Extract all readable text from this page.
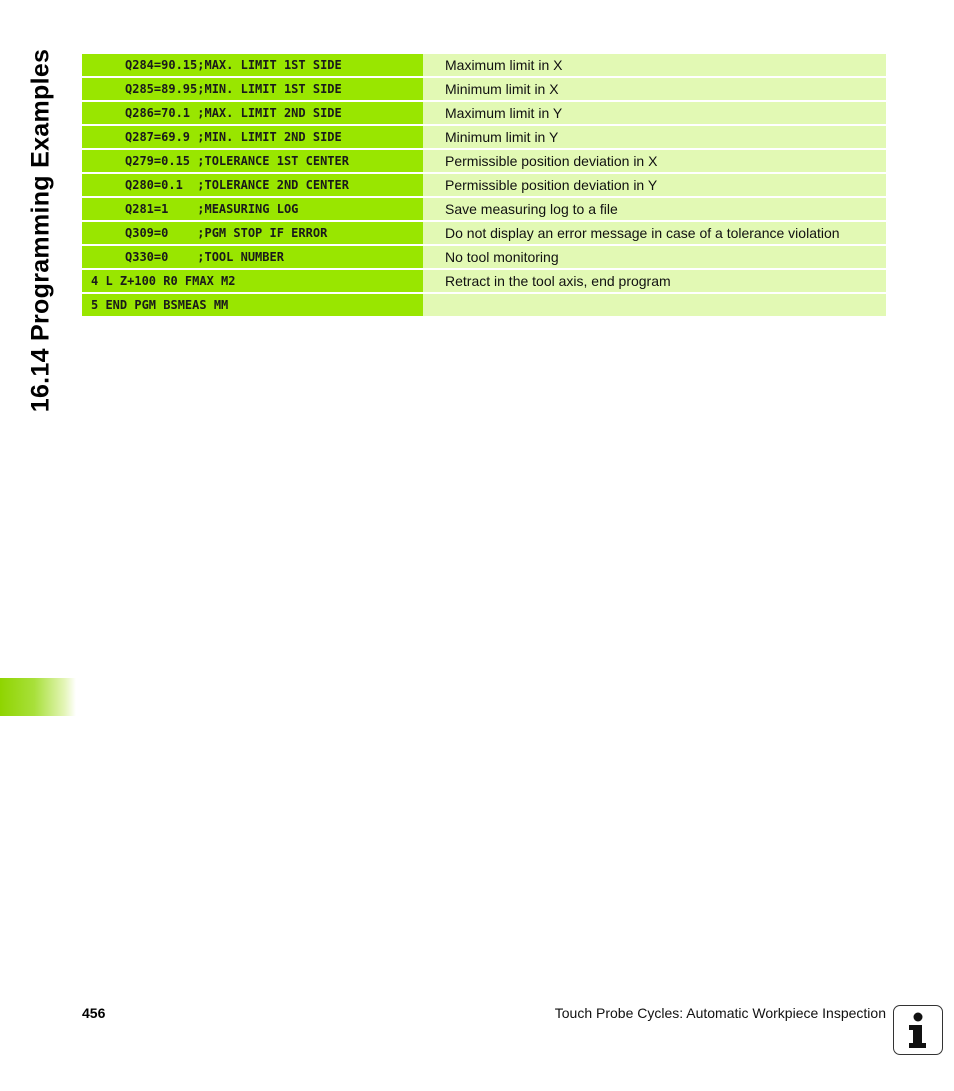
16.14 Programming Examples	Q284=90.15;MAX. LIMIT 1ST SIDE	Maximum limit in X
Q285=89.95;MIN. LIMIT 1ST SIDE	Minimum limit in X
Q286=70.1 ;MAX. LIMIT 2ND SIDE	Maximum limit in Y
Q287=69.9 ;MIN. LIMIT 2ND SIDE	Minimum limit in Y
Q279=0.15 ;TOLERANCE 1ST CENTER	Permissible position deviation in X
Q280=0.1  ;TOLERANCE 2ND CENTER	Permissible position deviation in Y
Q281=1    ;MEASURING LOG	Save measuring log to a file
Q309=0    ;PGM STOP IF ERROR	Do not display an error message in case of a tolerance violation
Q330=0    ;TOOL NUMBER	No tool monitoring
4 L Z+100 R0 FMAX M2	Retract in the tool axis, end program
5 END PGM BSMEAS MM
456	Touch Probe Cycles: Automatic Workpiece Inspection
